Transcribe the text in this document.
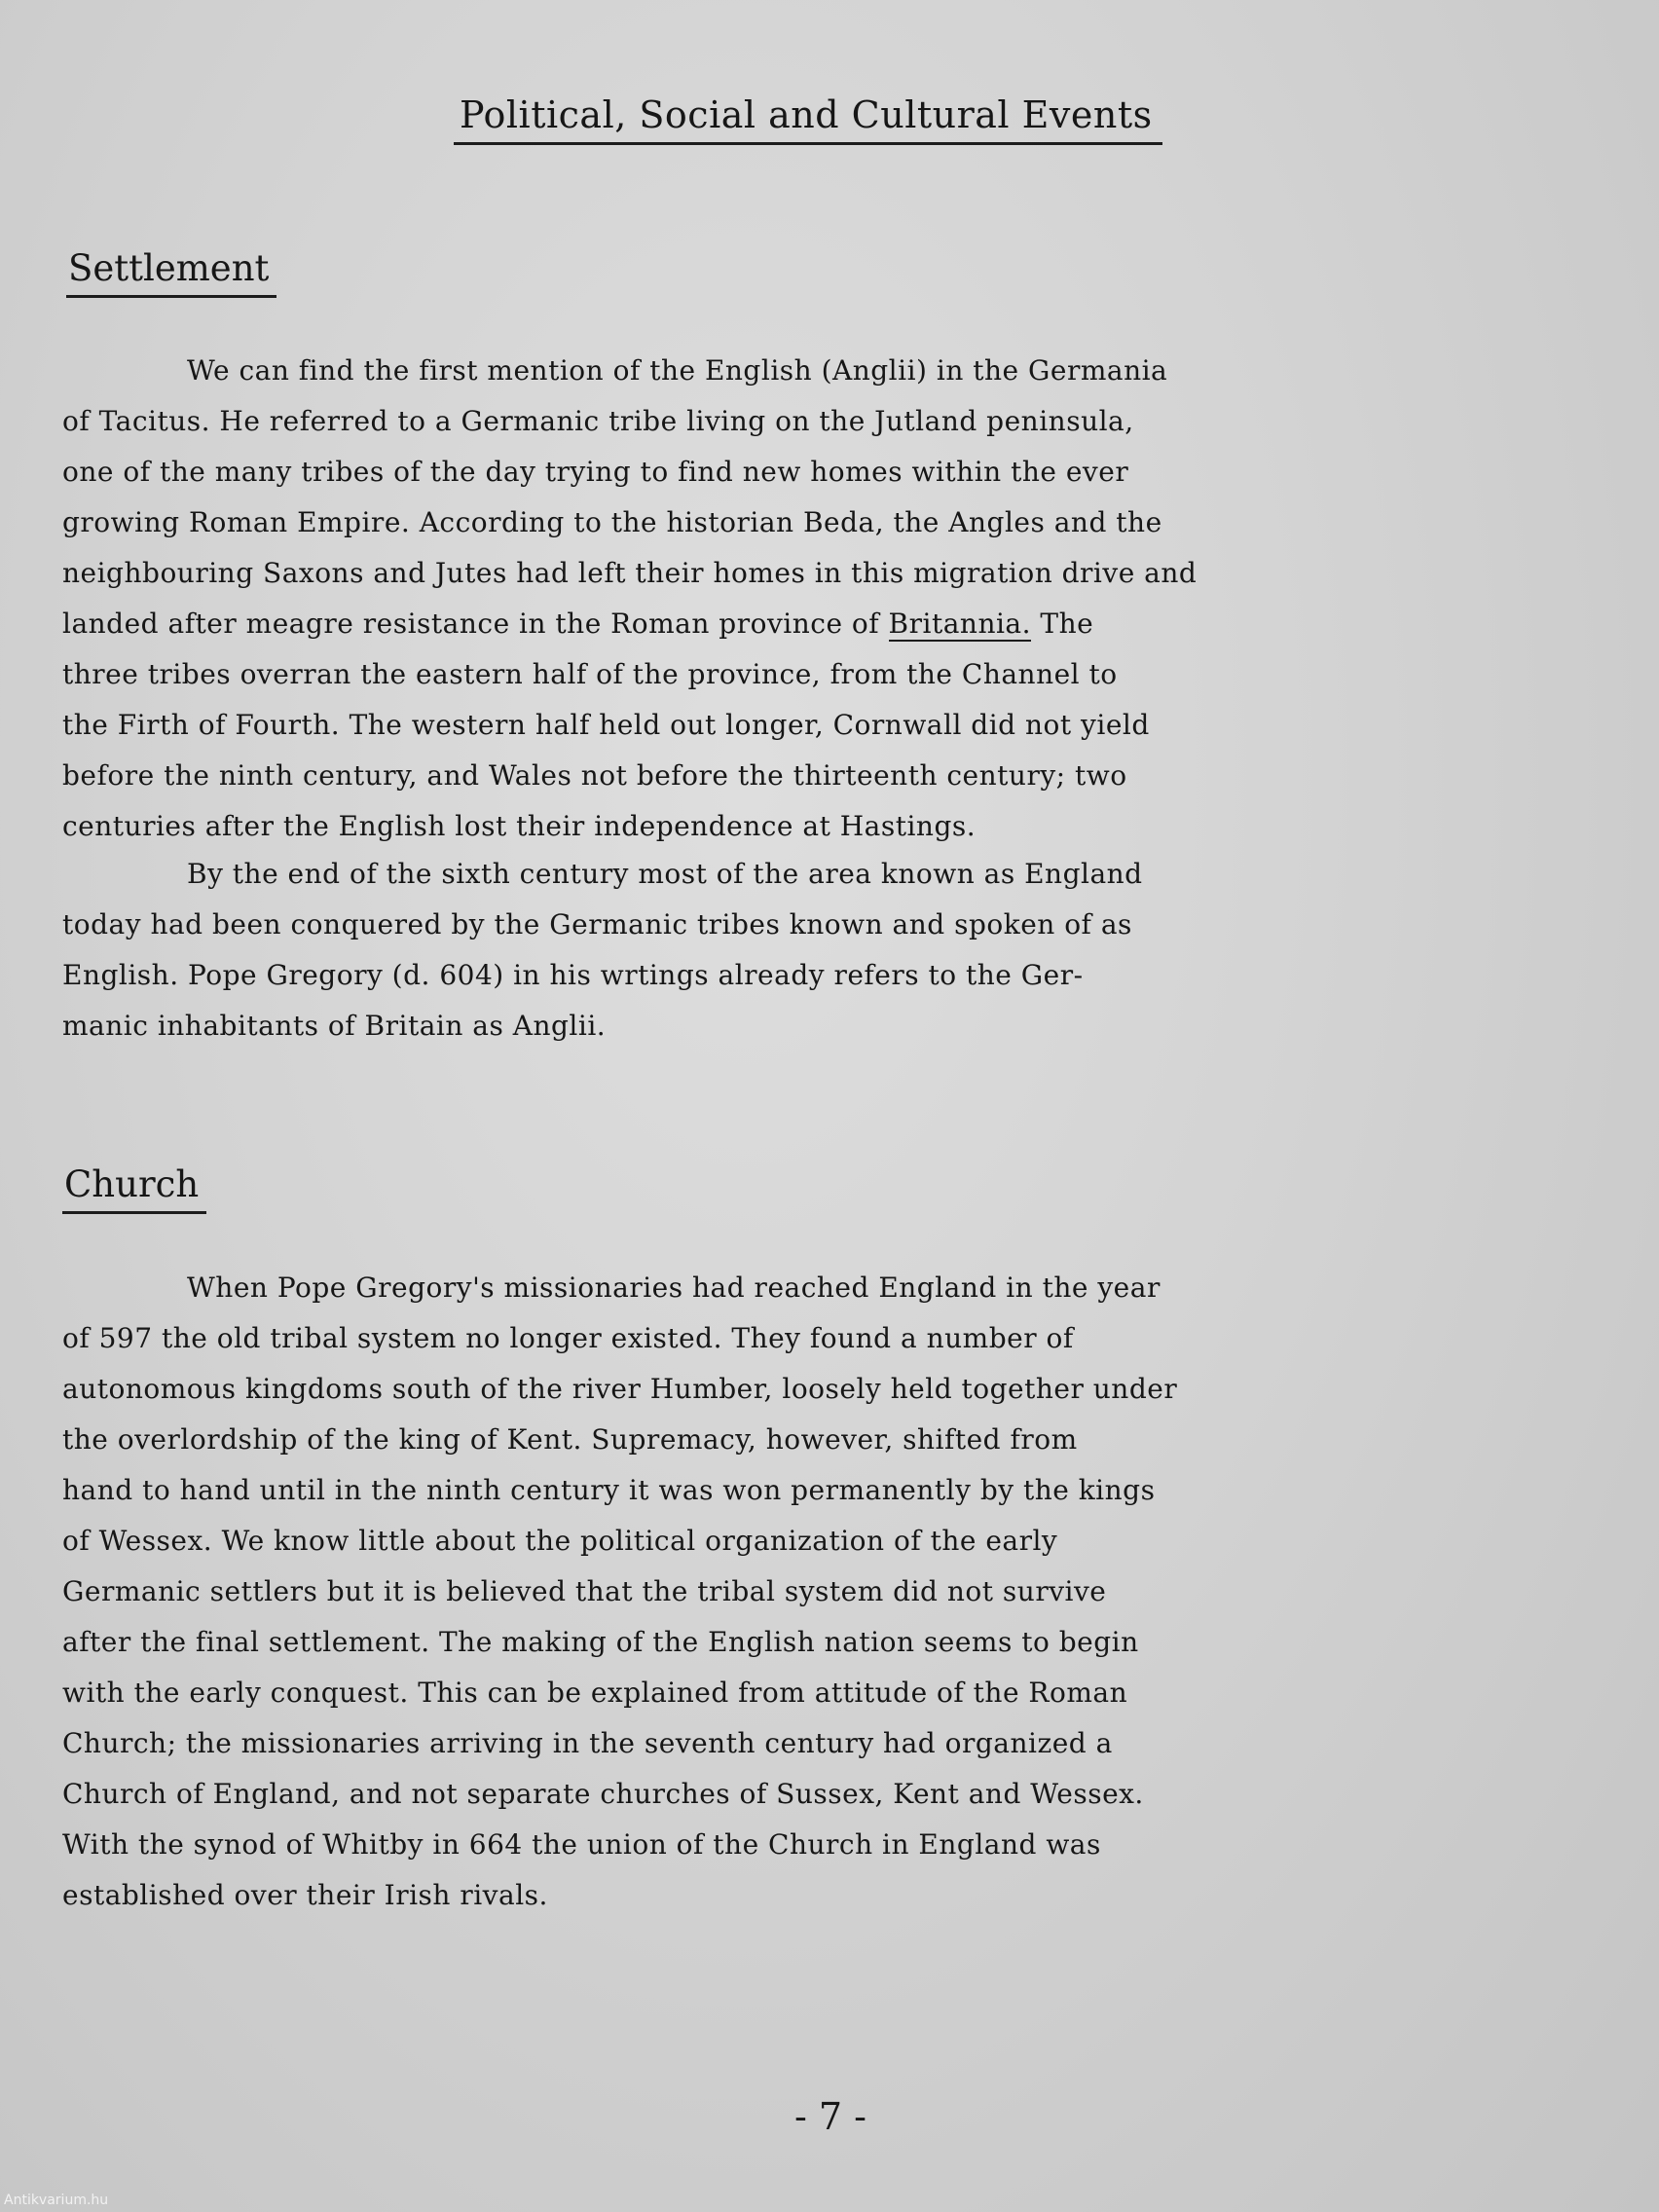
Political, Social and Cultural Events
Settlement
We can find the first mention of the English (Anglii) in the Germania
of Tacitus. He referred to a Germanic tribe living on the Jutland peninsula,
one of the many tribes of the day trying to find new homes within the ever
growing Roman Empire. According to the historian Beda, the Angles and the
neighbouring Saxons and Jutes had left their homes in this migration drive and
landed after meagre resistance in the Roman province of Britannia. The
three tribes overran the eastern half of the province, from the Channel to
the Firth of Fourth. The western half held out longer, Cornwall did not yield
before the ninth century, and Wales not before the thirteenth century; two
centuries after the English lost their independence at Hastings.
By the end of the sixth century most of the area known as England
today had been conquered by the Germanic tribes known and spoken of as
English. Pope Gregory (d. 604) in his wrtings already refers to the Ger-
manic inhabitants of Britain as Anglii.
Church
When Pope Gregory's missionaries had reached England in the year
of 597 the old tribal system no longer existed. They found a number of
autonomous kingdoms south of the river Humber, loosely held together under
the overlordship of the king of Kent. Supremacy, however, shifted from
hand to hand until in the ninth century it was won permanently by the kings
of Wessex. We know little about the political organization of the early
Germanic settlers but it is believed that the tribal system did not survive
after the final settlement. The making of the English nation seems to begin
with the early conquest. This can be explained from attitude of the Roman
Church; the missionaries arriving in the seventh century had organized a
Church of England, and not separate churches of Sussex, Kent and Wessex.
With the synod of Whitby in 664 the union of the Church in England was
established over their Irish rivals.
- 7 -
Antikvarium.hu
